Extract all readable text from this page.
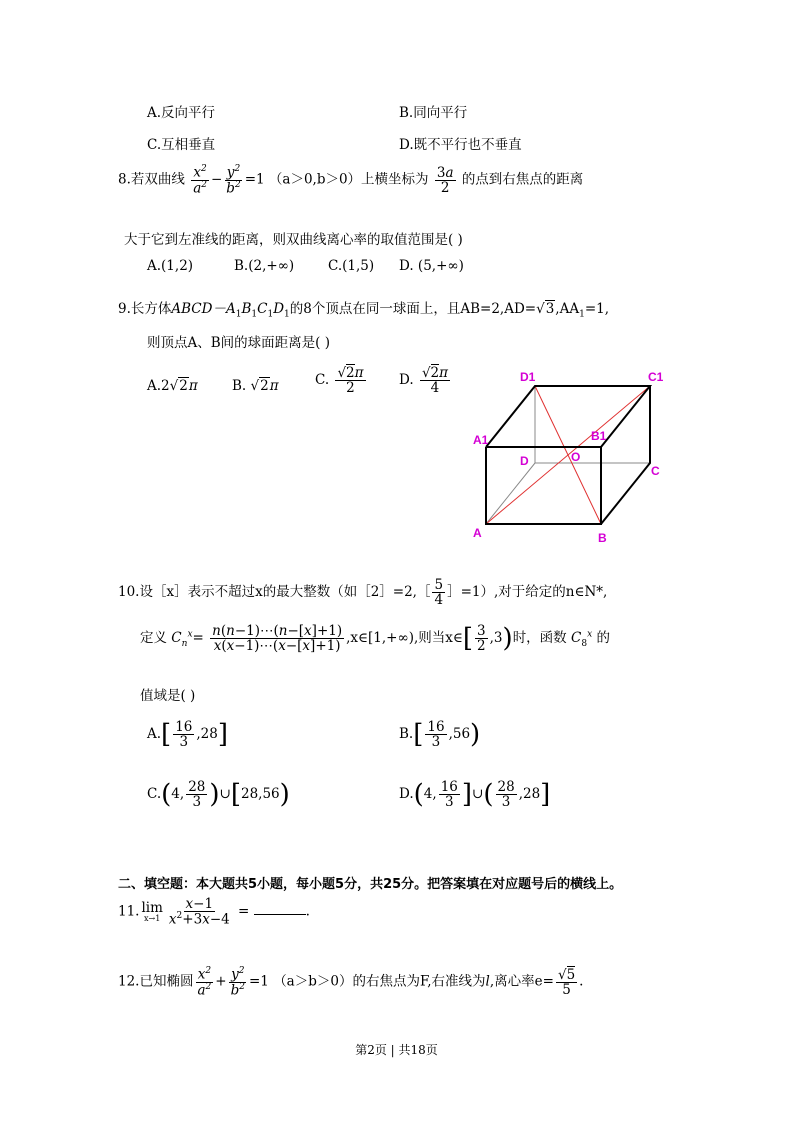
A.反向平行	B.同向平行
C.互相垂直	D.既不平行也不垂直
8.若双曲线 $\frac{x^2}{a^2} - \frac{y^2}{b^2} =1$ （a＞0,b＞0）上横坐标为 $\frac{3a}{2}$ 的点到右焦点的距离
大于它到左准线的距离，则双曲线离心率的取值范围是( )
A.(1,2)	B.(2,+∞)	C.(1,5) D. (5,+∞)
9.长方体$ABCD-A_1B_1C_1D_1$的8个顶点在同一球面上，且$AB=2,AD=√3,AA_1=1$,
则顶点A、B间的球面距离是( )
A.2√2π	B. √2π	C. $\frac{√2\pi}{2} D$. $\frac{√2\pi}{4}$	D1	C1
A1	B1
D	O
C
A	B
10.设［x］表示不超过x的最大整数（如［2］=2,［ $\frac{5}{4}$ ］=1）,对于给定的n∈N*,
定义 $C_n^x= \frac{n(n-1)\cdots(n-[x]+1)}{x(x-1)\cdots(x-[x]+1)}$ ,x∈[1,+∞),则当x∈[ $\frac{3}{2} ,3$)时，函数 $C_8^x$ 的
值域是( )
$A.[ \frac{16}{3} ,28]$	$B.[ \frac{16}{3} ,56)$
C.(4, $\frac{28}{3}$ )∪[28,56)	D.(4, $\frac{16}{3}$ ]∪( $\frac{28}{3} ,28$]
二、填空题：本大题共5小题，每小题5分，共25分。把答案填在对应题号后的横线上。
11. lim
$x\to 1 \frac{x-1}{x^2+3x-4}$ =	.
12.已知椭圆 $\frac{x^2}{a^2} + \frac{y^2}{b^2} =1$ （a＞b＞0）的右焦点为F,右准线为l,离心率$e= \frac{√5}{5}$ .
第2页 | 共18页
